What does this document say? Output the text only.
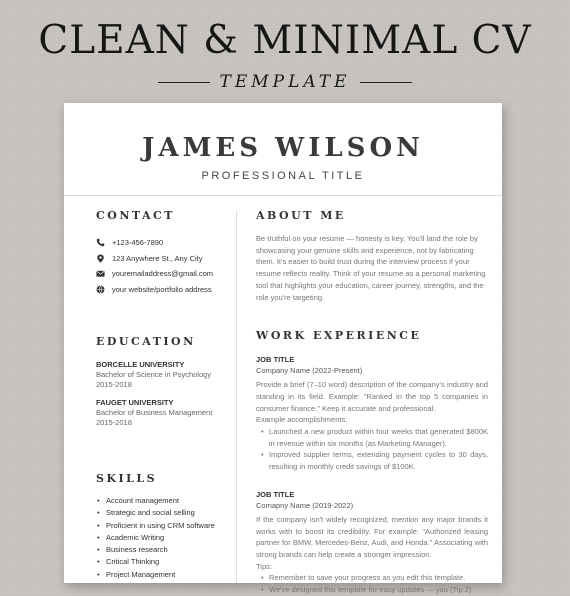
CLEAN & MINIMAL CV
TEMPLATE
JAMES WILSON
PROFESSIONAL TITLE
CONTACT
+123-456-7890
123 Anywhere St., Any City
youremailaddress@gmail.com
your website/portfolio address
EDUCATION
BORCELLE UNIVERSITY
Bachelor of Science in Psychology
2015-2018
FAUGET UNIVERSITY
Bachelor of Business Management
2015-2018
SKILLS
• Account management
• Strategic and social selling
• Proficient in using CRM software
• Academic Writing
• Business research
• Critical Thinking
• Project Management
ABOUT ME

Be truthful on your resume — honesty is key. You'll land the role by showcasing your genuine skills and experience, not by fabricating them. It's easier to build trust during the interview process if your resume reflects reality. Think of your resume as a personal marketing tool that highlights your education, career journey, strengths, and the role you're targeting.

WORK EXPERIENCE
JOB TITLE
Company Name (2022-Present)

Provide a brief (7–10 word) description of the company's industry and standing in its field. Example: "Ranked in the top 5 companies in consumer finance." Keep it accurate and professional.

Example accomplishments:

• Launched a new product within four weeks that generated $800K in revenue within six months (as Marketing Manager).
• Improved supplier terms, extending payment cycles to 30 days, resulting in monthly credit savings of $100K.
JOB TITLE
Comapny Name (2019-2022)

If the company isn't widely recognized, mention any major brands it works with to boost its credibility. For example: "Authorized leasing partner for BMW, Mercedes-Benz, Audi, and Honda." Associating with strong brands can help create a stronger impression.

Tips:

• Remember to save your progress as you edit this template.
• We've designed this template for easy updates — you (Tip 2)
